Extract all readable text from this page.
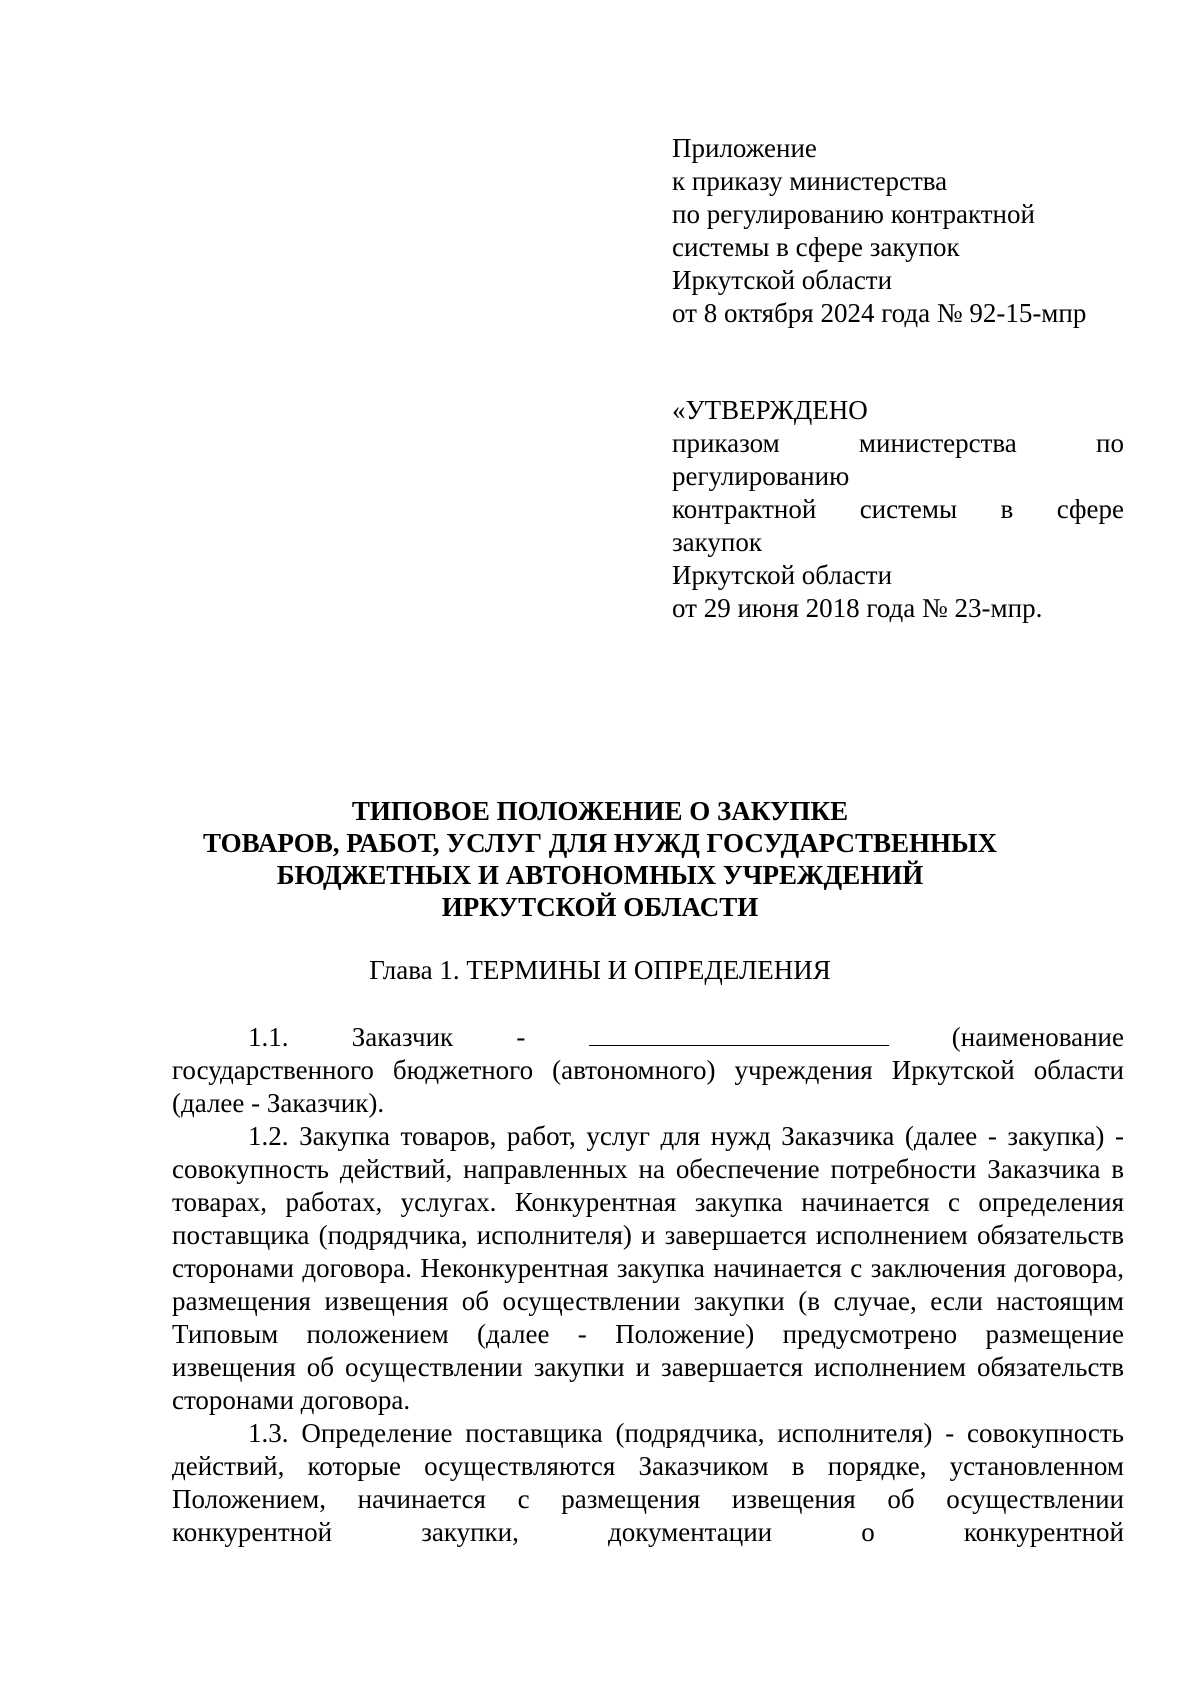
Приложение
к приказу министерства
по регулированию контрактной
системы в сфере закупок
Иркутской области
от 8 октября 2024 года № 92-15-мпр
«УТВЕРЖДЕНО
приказом	министерства	по
регулированию
контрактной системы в сфере
закупок
Иркутской области
от 29 июня 2018 года № 23-мпр.
ТИПОВОЕ ПОЛОЖЕНИЕ О ЗАКУПКЕ
ТОВАРОВ, РАБОТ, УСЛУГ ДЛЯ НУЖД ГОСУДАРСТВЕННЫХ
БЮДЖЕТНЫХ И АВТОНОМНЫХ УЧРЕЖДЕНИЙ
ИРКУТСКОЙ ОБЛАСТИ
Глава 1. ТЕРМИНЫ И ОПРЕДЕЛЕНИЯ
1.1. Заказчик -	(наименование
государственного бюджетного (автономного) учреждения Иркутской области (далее - Заказчик).

1.2. Закупка товаров, работ, услуг для нужд Заказчика (далее - закупка) - совокупность действий, направленных на обеспечение потребности Заказчика в товарах, работах, услугах. Конкурентная закупка начинается с определения поставщика (подрядчика, исполнителя) и завершается исполнением обязательств сторонами договора. Неконкурентная закупка начинается с заключения договора, размещения извещения об осуществлении закупки (в случае, если настоящим Типовым положением (далее - Положение) предусмотрено размещение извещения об осуществлении закупки и завершается исполнением обязательств сторонами договора.

1.3. Определение поставщика (подрядчика, исполнителя) - совокупность действий, которые осуществляются Заказчиком в порядке, установленном Положением, начинается с размещения извещения об осуществлении конкурентной закупки, документации о конкурентной
